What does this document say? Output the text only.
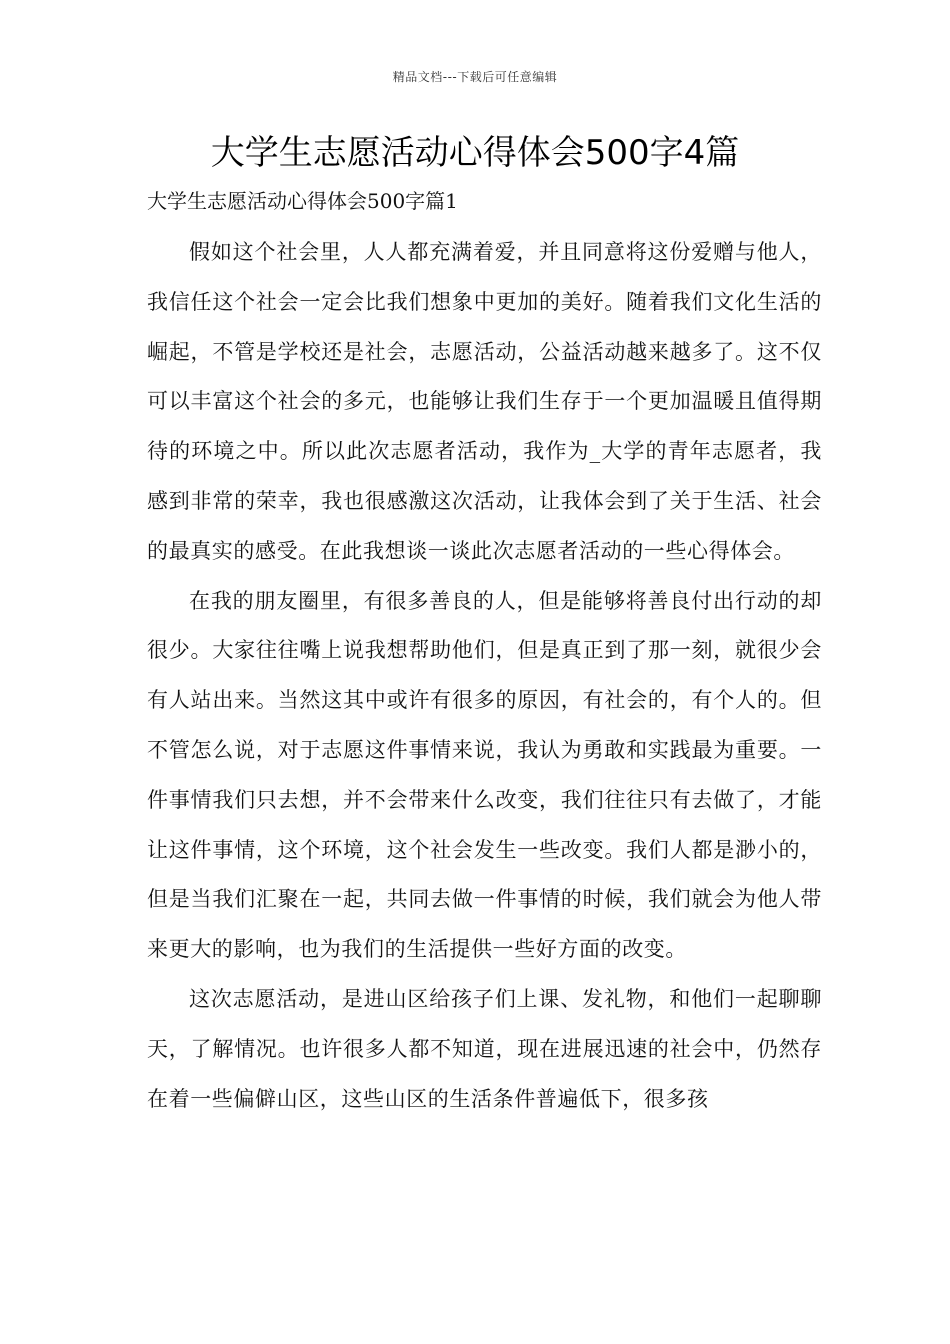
精品文档---下载后可任意编辑
大学生志愿活动心得体会500字4篇
大学生志愿活动心得体会500字篇1

假如这个社会里，人人都充满着爱，并且同意将这份爱赠与他人，我信任这个社会一定会比我们想象中更加的美好。随着我们文化生活的崛起，不管是学校还是社会，志愿活动，公益活动越来越多了。这不仅可以丰富这个社会的多元，也能够让我们生存于一个更加温暖且值得期待的环境之中。所以此次志愿者活动，我作为_大学的青年志愿者，我感到非常的荣幸，我也很感激这次活动，让我体会到了关于生活、社会的最真实的感受。在此我想谈一谈此次志愿者活动的一些心得体会。

在我的朋友圈里，有很多善良的人，但是能够将善良付出行动的却很少。大家往往嘴上说我想帮助他们，但是真正到了那一刻，就很少会有人站出来。当然这其中或许有很多的原因，有社会的，有个人的。但不管怎么说，对于志愿这件事情来说，我认为勇敢和实践最为重要。一件事情我们只去想，并不会带来什么改变，我们往往只有去做了，才能让这件事情，这个环境，这个社会发生一些改变。我们人都是渺小的，但是当我们汇聚在一起，共同去做一件事情的时候，我们就会为他人带来更大的影响，也为我们的生活提供一些好方面的改变。

这次志愿活动，是进山区给孩子们上课、发礼物，和他们一起聊聊天，了解情况。也许很多人都不知道，现在进展迅速的社会中，仍然存在着一些偏僻山区，这些山区的生活条件普遍低下，很多孩
